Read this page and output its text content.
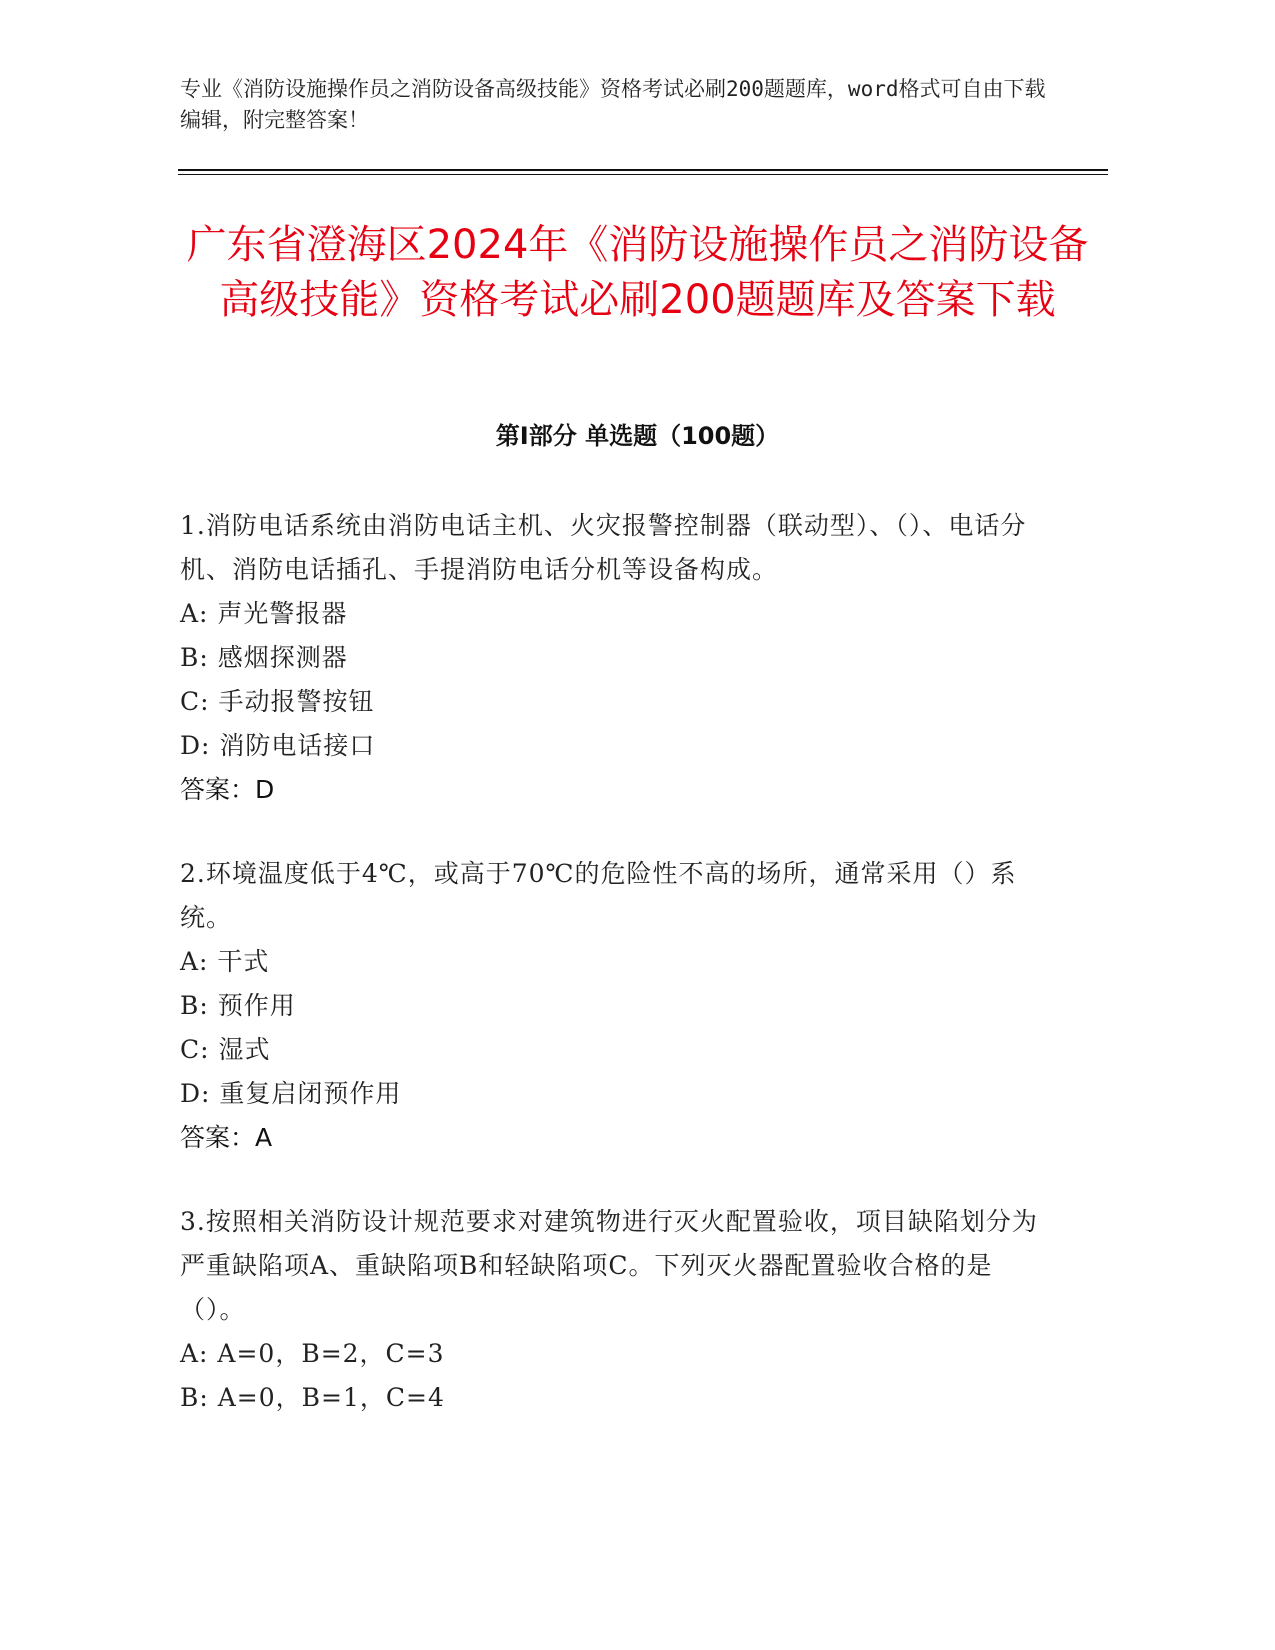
专业《消防设施操作员之消防设备高级技能》资格考试必刷200题题库，word格式可自由下载编辑，附完整答案！
广东省澄海区2024年《消防设施操作员之消防设备高级技能》资格考试必刷200题题库及答案下载
第Ⅰ部分 单选题（100题）
1.消防电话系统由消防电话主机、火灾报警控制器（联动型）、（）、电话分机、消防电话插孔、手提消防电话分机等设备构成。
A: 声光警报器
B: 感烟探测器
C: 手动报警按钮
D: 消防电话接口
答案：D
2.环境温度低于4℃，或高于70℃的危险性不高的场所，通常采用（）系统。
A: 干式
B: 预作用
C: 湿式
D: 重复启闭预作用
答案：A
3.按照相关消防设计规范要求对建筑物进行灭火配置验收，项目缺陷划分为严重缺陷项A、重缺陷项B和轻缺陷项C。下列灭火器配置验收合格的是（）。
A: A=0，B=2，C=3
B: A=0，B=1，C=4
